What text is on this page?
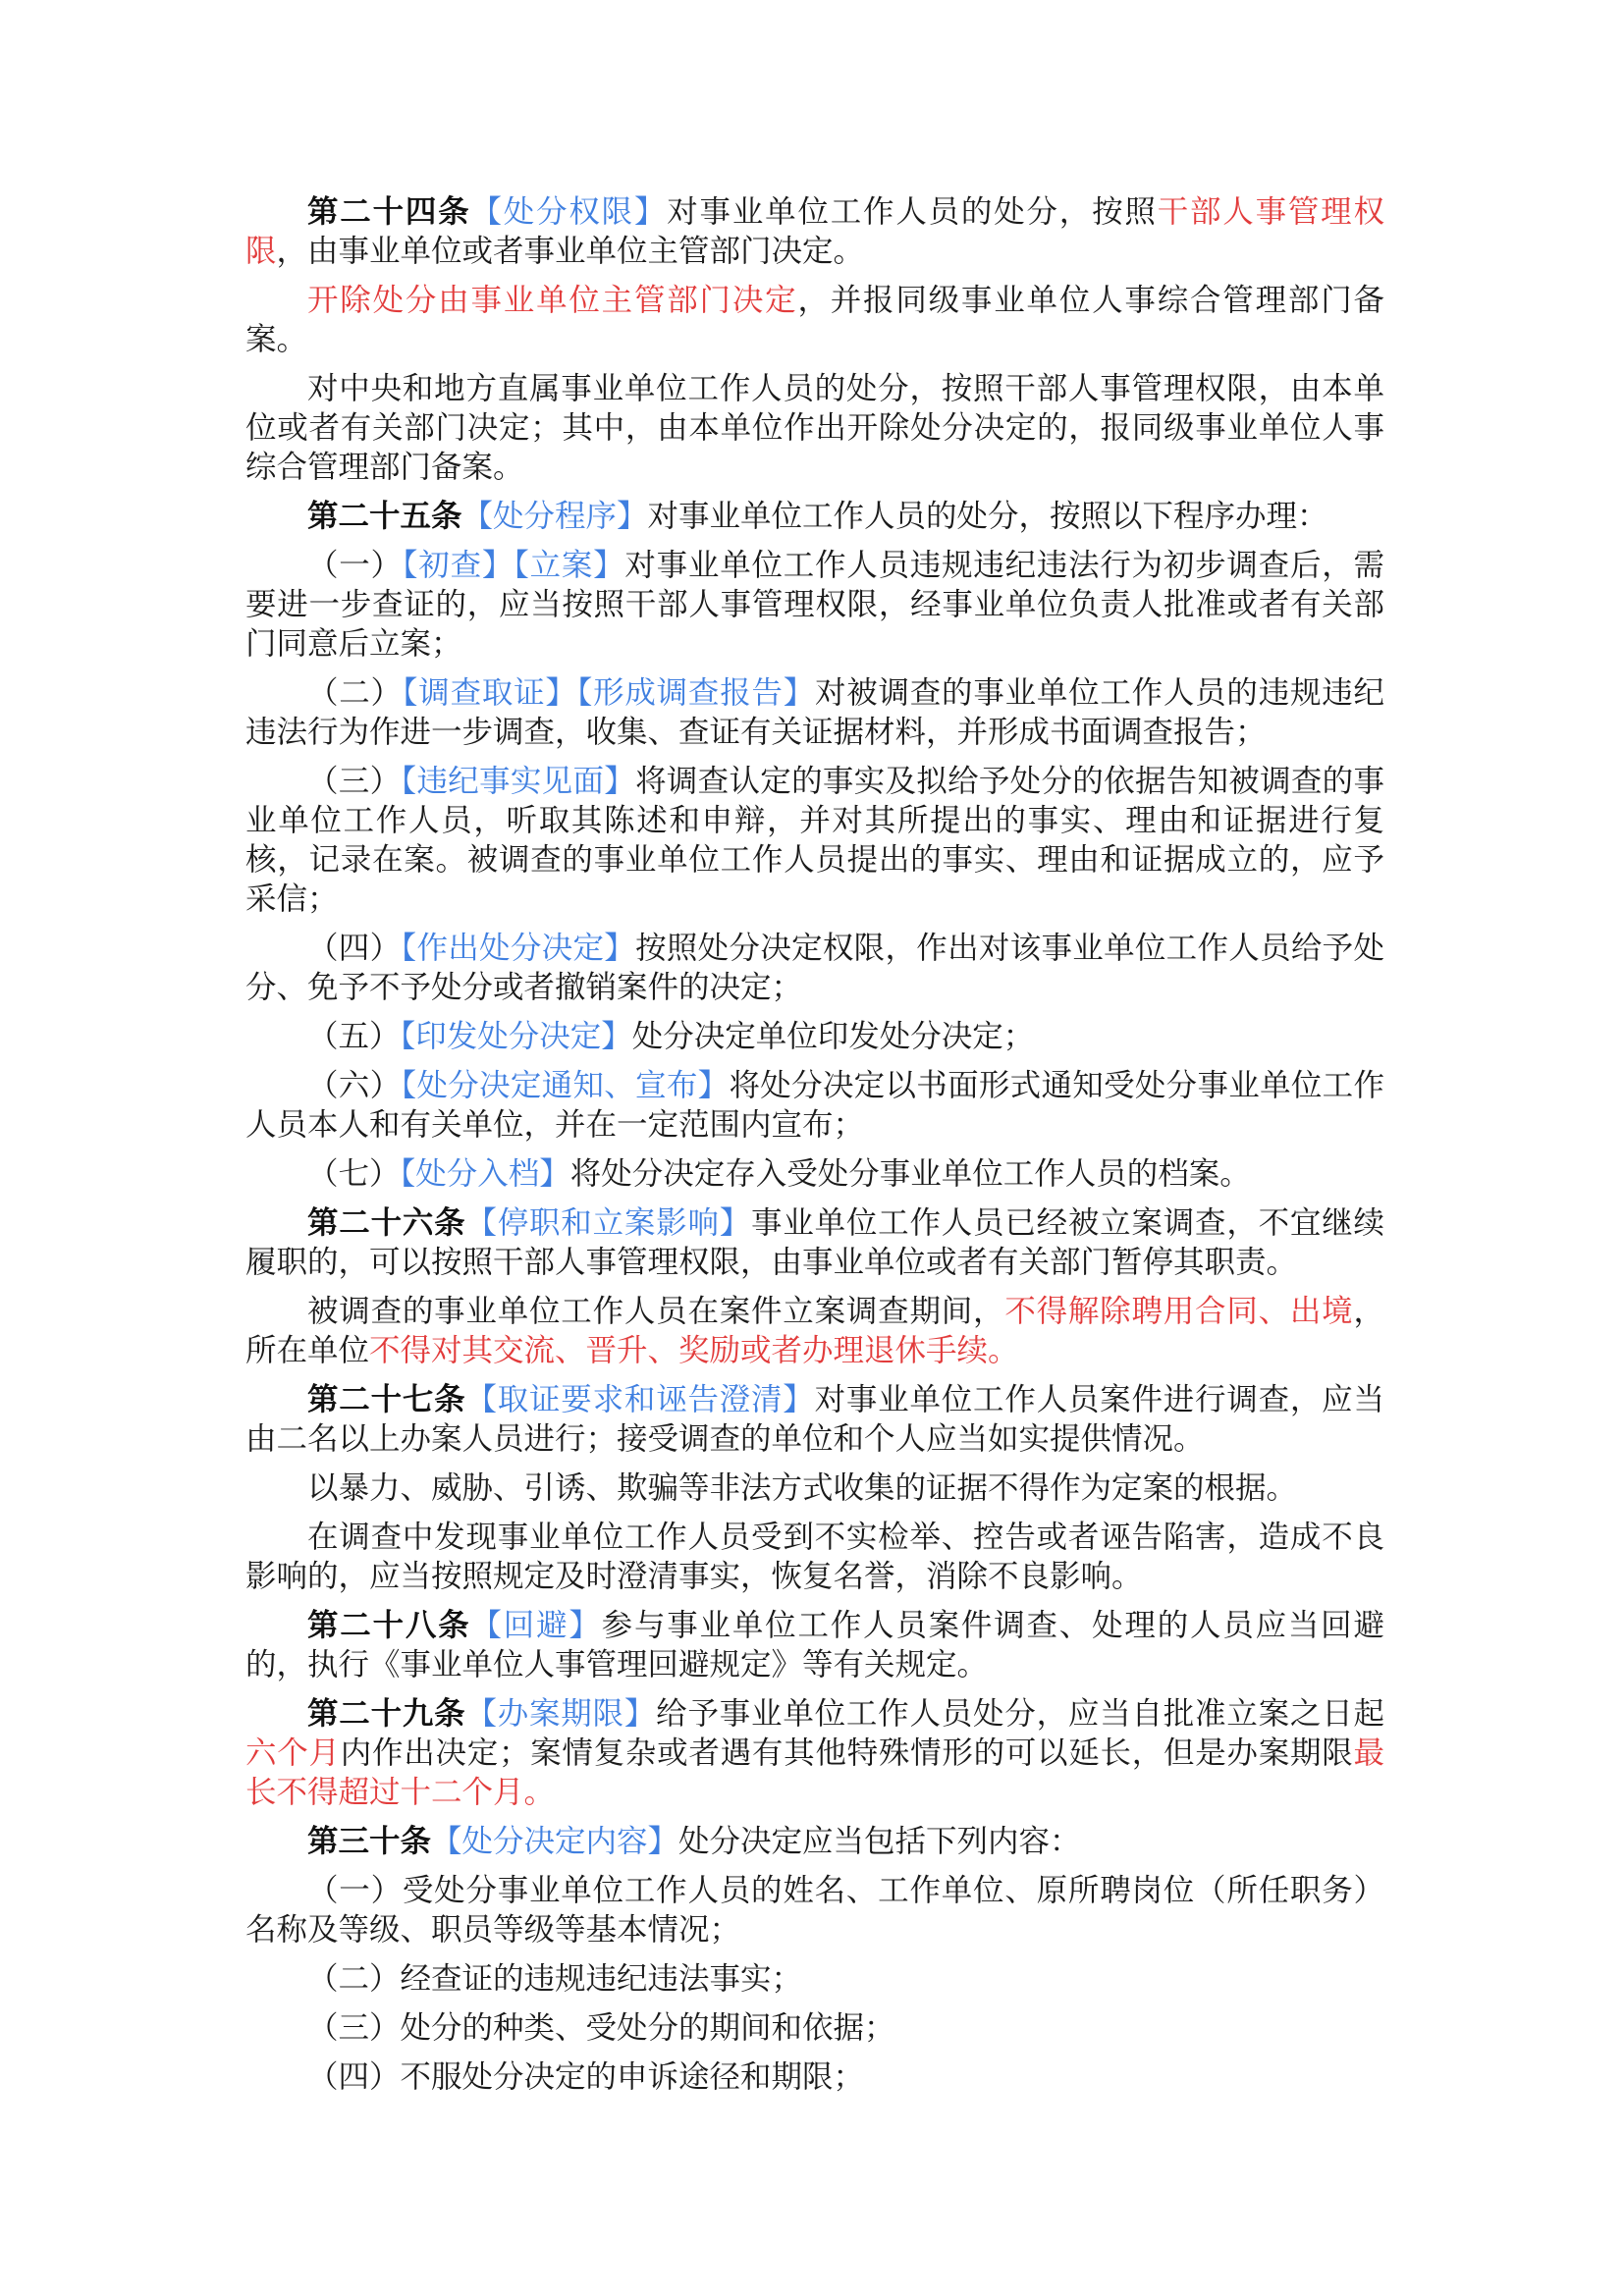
第二十四条【处分权限】对事业单位工作人员的处分，按照干部人事管理权限，由事业单位或者事业单位主管部门决定。

开除处分由事业单位主管部门决定，并报同级事业单位人事综合管理部门备案。

对中央和地方直属事业单位工作人员的处分，按照干部人事管理权限，由本单位或者有关部门决定；其中，由本单位作出开除处分决定的，报同级事业单位人事综合管理部门备案。

第二十五条【处分程序】对事业单位工作人员的处分，按照以下程序办理：

（一）【初查】【立案】对事业单位工作人员违规违纪违法行为初步调查后，需要进一步查证的，应当按照干部人事管理权限，经事业单位负责人批准或者有关部门同意后立案；

（二）【调查取证】【形成调查报告】对被调查的事业单位工作人员的违规违纪违法行为作进一步调查，收集、查证有关证据材料，并形成书面调查报告；

（三）【违纪事实见面】将调查认定的事实及拟给予处分的依据告知被调查的事业单位工作人员，听取其陈述和申辩，并对其所提出的事实、理由和证据进行复核，记录在案。被调查的事业单位工作人员提出的事实、理由和证据成立的，应予采信；

（四）【作出处分决定】按照处分决定权限，作出对该事业单位工作人员给予处分、免予不予处分或者撤销案件的决定；

（五）【印发处分决定】处分决定单位印发处分决定；

（六）【处分决定通知、宣布】将处分决定以书面形式通知受处分事业单位工作人员本人和有关单位，并在一定范围内宣布；

（七）【处分入档】将处分决定存入受处分事业单位工作人员的档案。

第二十六条【停职和立案影响】事业单位工作人员已经被立案调查，不宜继续履职的，可以按照干部人事管理权限，由事业单位或者有关部门暂停其职责。

被调查的事业单位工作人员在案件立案调查期间，不得解除聘用合同、出境，所在单位不得对其交流、晋升、奖励或者办理退休手续。

第二十七条【取证要求和诬告澄清】对事业单位工作人员案件进行调查，应当由二名以上办案人员进行；接受调查的单位和个人应当如实提供情况。

以暴力、威胁、引诱、欺骗等非法方式收集的证据不得作为定案的根据。

在调查中发现事业单位工作人员受到不实检举、控告或者诬告陷害，造成不良影响的，应当按照规定及时澄清事实，恢复名誉，消除不良影响。

第二十八条【回避】参与事业单位工作人员案件调查、处理的人员应当回避的，执行《事业单位人事管理回避规定》等有关规定。

第二十九条【办案期限】给予事业单位工作人员处分，应当自批准立案之日起六个月内作出决定；案情复杂或者遇有其他特殊情形的可以延长，但是办案期限最长不得超过十二个月。

第三十条【处分决定内容】处分决定应当包括下列内容：

（一）受处分事业单位工作人员的姓名、工作单位、原所聘岗位（所任职务）名称及等级、职员等级等基本情况；

（二）经查证的违规违纪违法事实；

（三）处分的种类、受处分的期间和依据；

（四）不服处分决定的申诉途径和期限；
